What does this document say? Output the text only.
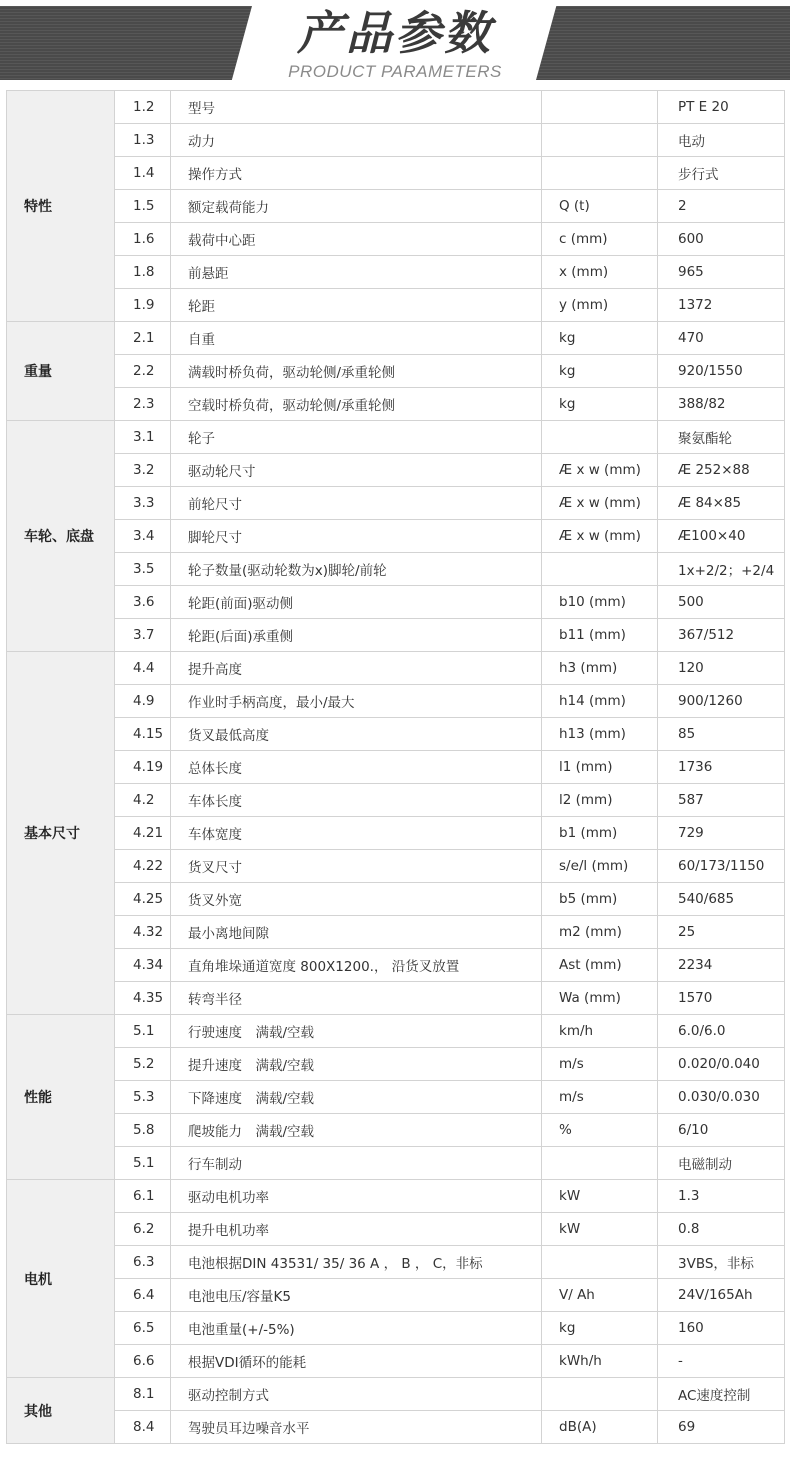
产品参数
PRODUCT PARAMETERS
特性	1.2	型号		PT E 20
	1.3	动力		电动
	1.4	操作方式		步行式
	1.5	额定载荷能力	Q (t)	2
	1.6	载荷中心距	c (mm)	600
	1.8	前悬距	x (mm)	965
	1.9	轮距	y (mm)	1372
重量	2.1	自重	kg	470
	2.2	满载时桥负荷，驱动轮侧/承重轮侧	kg	920/1550
	2.3	空载时桥负荷，驱动轮侧/承重轮侧	kg	388/82
车轮、底盘	3.1	轮子		聚氨酯轮
	3.2	驱动轮尺寸	Æ x w (mm)	Æ 252×88
	3.3	前轮尺寸	Æ x w (mm)	Æ 84×85
	3.4	脚轮尺寸	Æ x w (mm)	Æ100×40
	3.5	轮子数量(驱动轮数为x)脚轮/前轮		1x+2/2；+2/4
	3.6	轮距(前面)驱动侧	b10 (mm)	500
	3.7	轮距(后面)承重侧	b11 (mm)	367/512
基本尺寸	4.4	提升高度	h3 (mm)	120
	4.9	作业时手柄高度，最小/最大	h14 (mm)	900/1260
	4.15	货叉最低高度	h13 (mm)	85
	4.19	总体长度	l1 (mm)	1736
	4.2	车体长度	l2 (mm)	587
	4.21	车体宽度	b1 (mm)	729
	4.22	货叉尺寸	s/e/l (mm)	60/173/1150
	4.25	货叉外宽	b5 (mm)	540/685
	4.32	最小离地间隙	m2 (mm)	25
	4.34	直角堆垛通道宽度 800X1200.， 沿货叉放置	Ast (mm)	2234
	4.35	转弯半径	Wa (mm)	1570
性能	5.1	行驶速度　满载/空载	km/h	6.0/6.0
	5.2	提升速度　满载/空载	m/s	0.020/0.040
	5.3	下降速度　满载/空载	m/s	0.030/0.030
	5.8	爬坡能力　满载/空载	%	6/10
	5.1	行车制动		电磁制动
电机	6.1	驱动电机功率	kW	1.3
	6.2	提升电机功率	kW	0.8
	6.3	电池根据DIN 43531/ 35/ 36 A ， B ， C，非标		3VBS，非标
	6.4	电池电压/容量K5	V/ Ah	24V/165Ah
	6.5	电池重量(+/-5%)	kg	160
	6.6	根据VDI循环的能耗	kWh/h	-
其他	8.1	驱动控制方式		AC速度控制
	8.4	驾驶员耳边噪音水平	dB(A)	69
